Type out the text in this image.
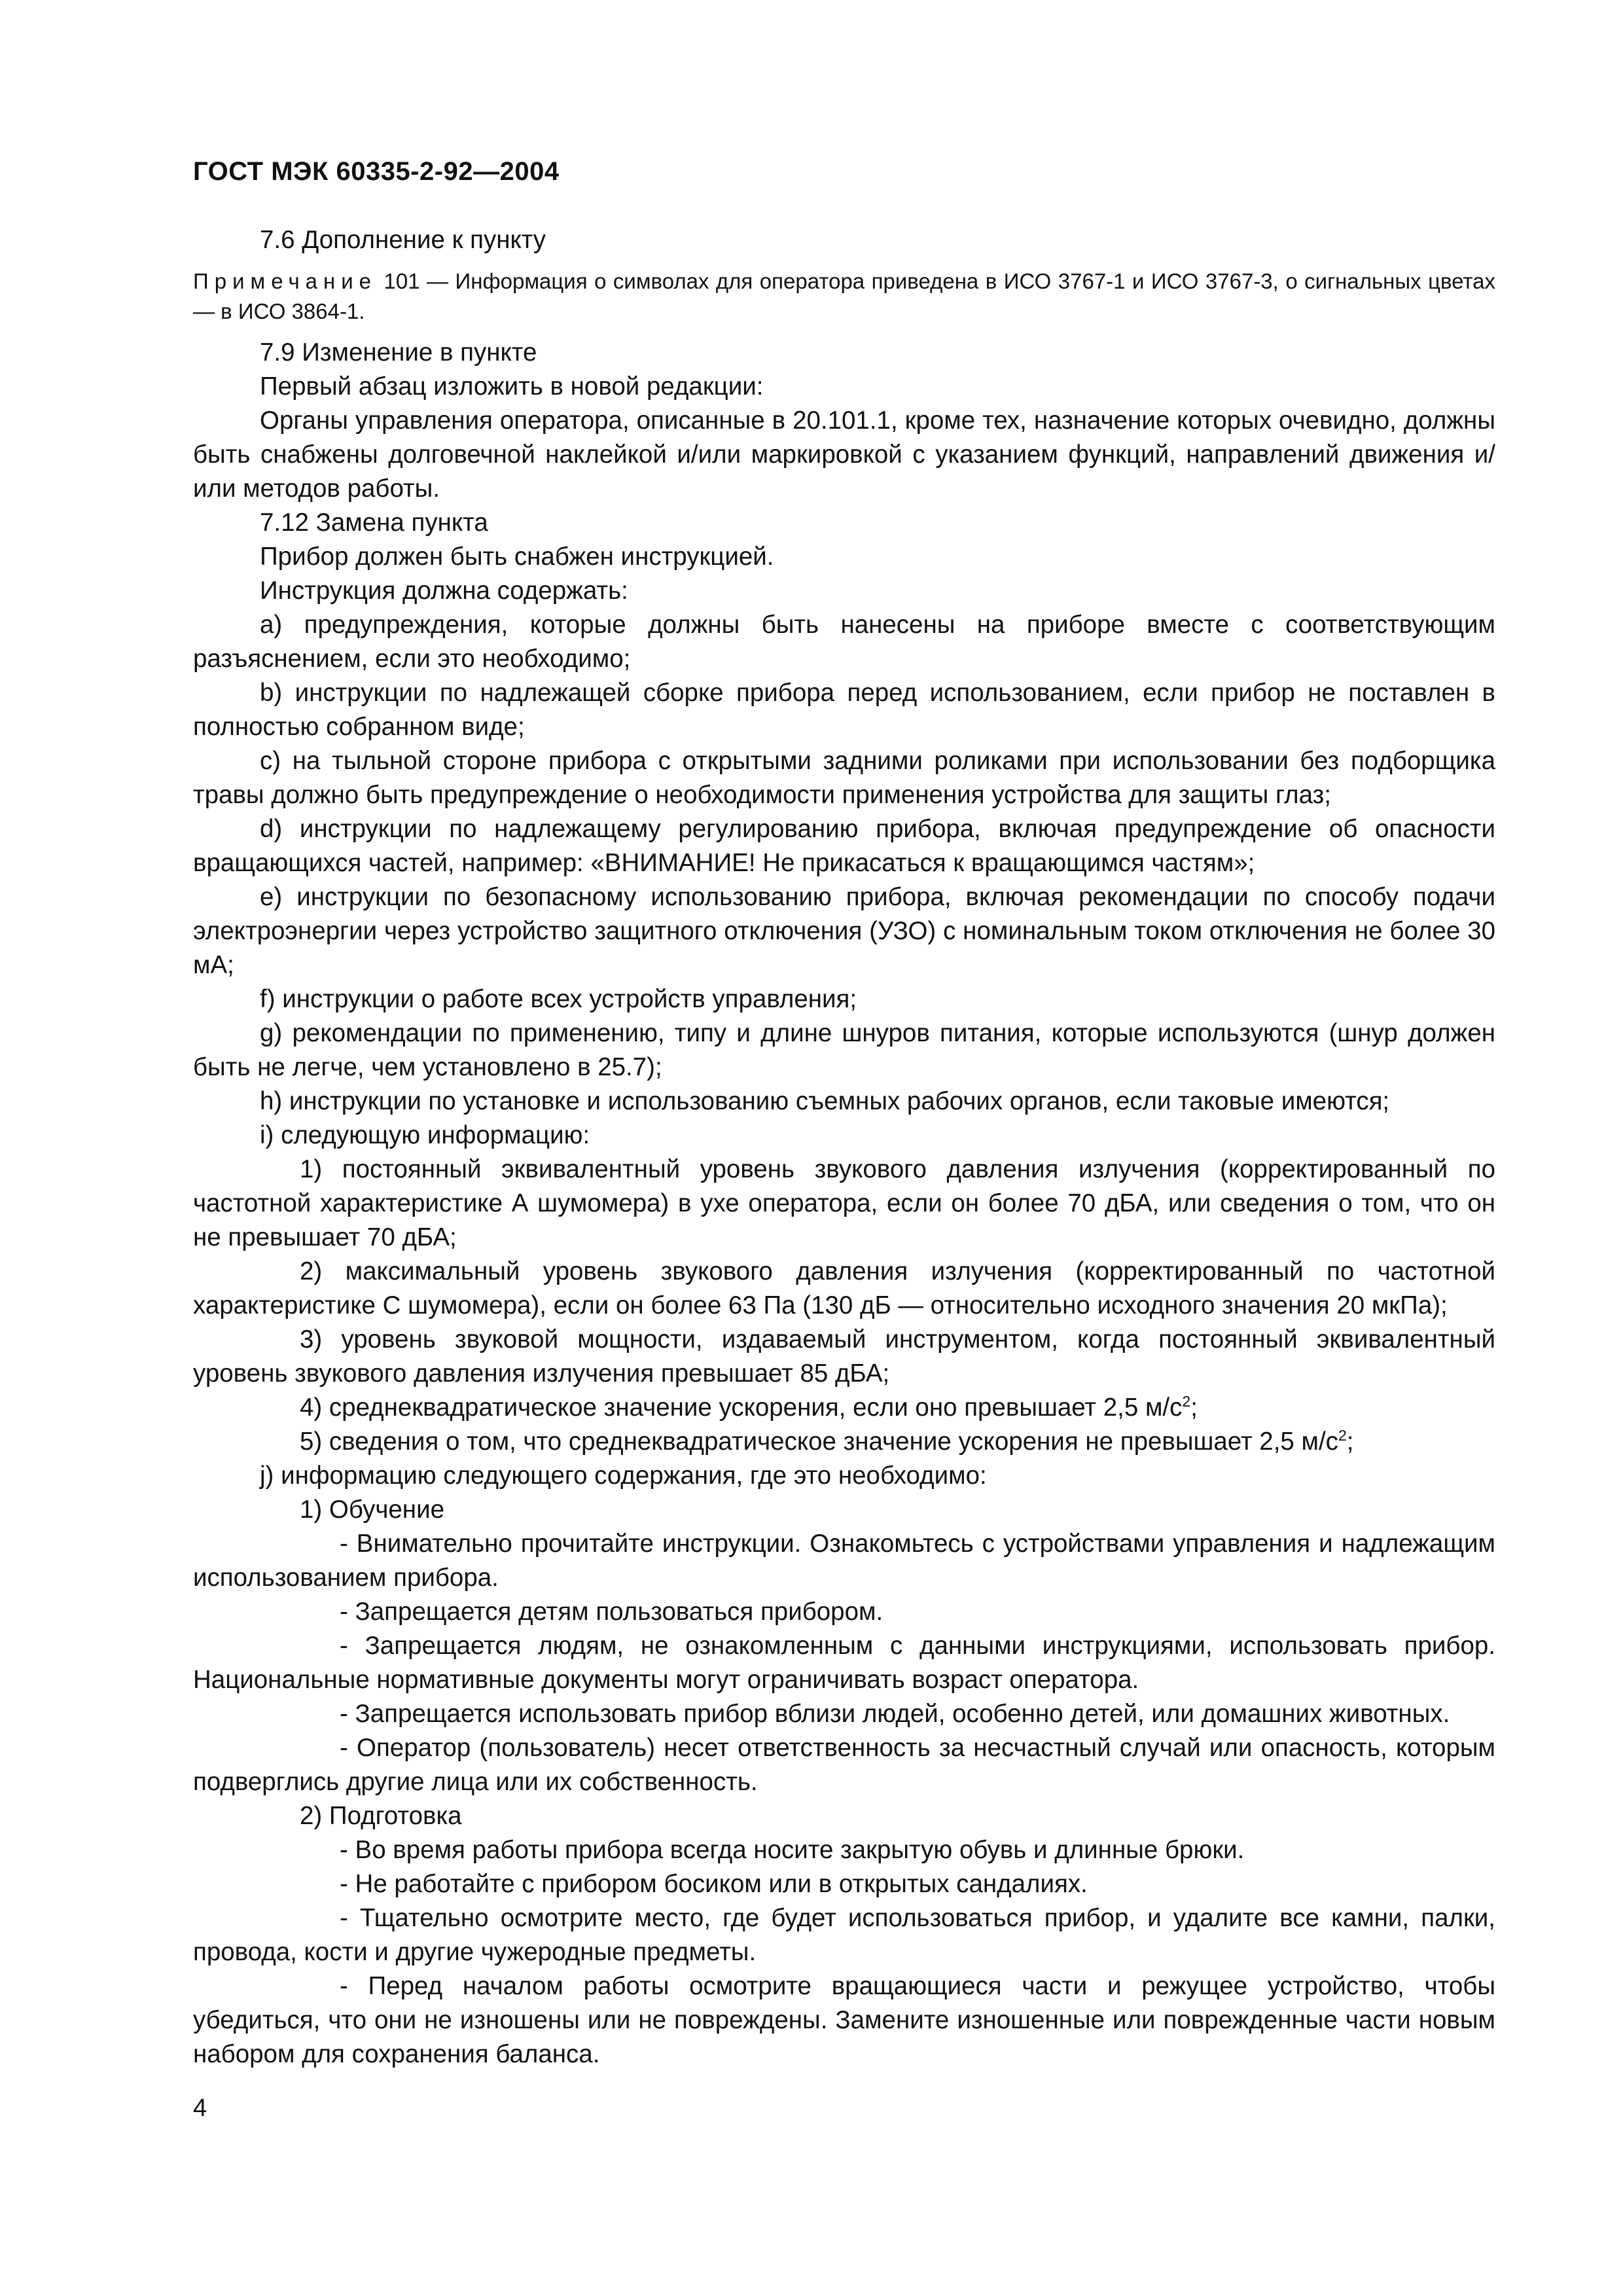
ГОСТ МЭК 60335-2-92—2004

7.6 Дополнение к пункту

Примечание 101 — Информация о символах для оператора приведена в ИСО 3767-1 и ИСО 3767-3, о сигнальных цветах — в ИСО 3864-1.

7.9 Изменение в пункте

Первый абзац изложить в новой редакции:

Органы управления оператора, описанные в 20.101.1, кроме тех, назначение которых очевидно, должны быть снабжены долговечной наклейкой и/или маркировкой с указанием функций, направлений движения и/или методов работы.

7.12 Замена пункта

Прибор должен быть снабжен инструкцией.

Инструкция должна содержать:

a) предупреждения, которые должны быть нанесены на приборе вместе с соответствующим разъяснением, если это необходимо;

b) инструкции по надлежащей сборке прибора перед использованием, если прибор не поставлен в полностью собранном виде;

c) на тыльной стороне прибора с открытыми задними роликами при использовании без подборщика травы должно быть предупреждение о необходимости применения устройства для защиты глаз;

d) инструкции по надлежащему регулированию прибора, включая предупреждение об опасности вращающихся частей, например: «ВНИМАНИЕ! Не прикасаться к вращающимся частям»;

e) инструкции по безопасному использованию прибора, включая рекомендации по способу подачи электроэнергии через устройство защитного отключения (УЗО) с номинальным током отключения не более 30 мА;

f) инструкции о работе всех устройств управления;

g) рекомендации по применению, типу и длине шнуров питания, которые используются (шнур должен быть не легче, чем установлено в 25.7);

h) инструкции по установке и использованию съемных рабочих органов, если таковые имеются;

i) следующую информацию:

1) постоянный эквивалентный уровень звукового давления излучения (корректированный по частотной характеристике А шумомера) в ухе оператора, если он более 70 дБА, или сведения о том, что он не превышает 70 дБА;

2) максимальный уровень звукового давления излучения (корректированный по частотной характеристике С шумомера), если он более 63 Па (130 дБ — относительно исходного значения 20 мкПа);

3) уровень звуковой мощности, издаваемый инструментом, когда постоянный эквивалентный уровень звукового давления излучения превышает 85 дБА;

4) среднеквадратическое значение ускорения, если оно превышает 2,5 $м/с^2$;

5) сведения о том, что среднеквадратическое значение ускорения не превышает 2,5 $м/с^2$;

j) информацию следующего содержания, где это необходимо:

1) Обучение

- Внимательно прочитайте инструкции. Ознакомьтесь с устройствами управления и надлежащим использованием прибора.

- Запрещается детям пользоваться прибором.

- Запрещается людям, не ознакомленным с данными инструкциями, использовать прибор. Национальные нормативные документы могут ограничивать возраст оператора.

- Запрещается использовать прибор вблизи людей, особенно детей, или домашних животных.

- Оператор (пользователь) несет ответственность за несчастный случай или опасность, которым подверглись другие лица или их собственность.

2) Подготовка

- Во время работы прибора всегда носите закрытую обувь и длинные брюки.

- Не работайте с прибором босиком или в открытых сандалиях.

- Тщательно осмотрите место, где будет использоваться прибор, и удалите все камни, палки, провода, кости и другие чужеродные предметы.

- Перед началом работы осмотрите вращающиеся части и режущее устройство, чтобы убедиться, что они не изношены или не повреждены. Замените изношенные или поврежденные части новым набором для сохранения баланса.

4
